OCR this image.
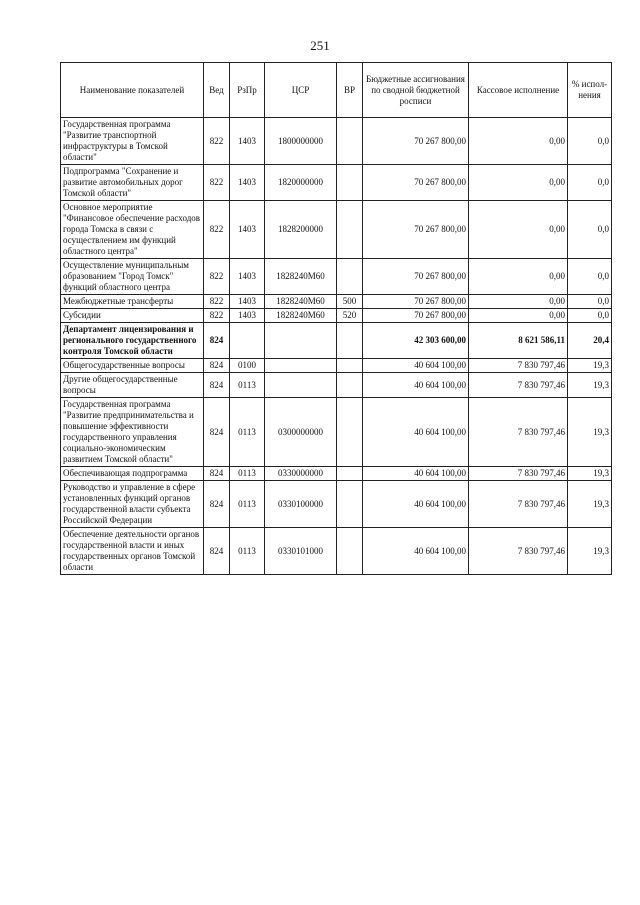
251
Наименование показателей	Вед	РзПр	ЦСР	ВР	Бюджетные ассигнования по сводной бюджетной росписи	Кассовое исполнение	% испол-нения
Государственная программа "Развитие транспортной инфраструктуры в Томской области"	822	1403	1800000000		70 267 800,00	0,00	0,0
Подпрограмма "Сохранение и развитие автомобильных дорог Томской области"	822	1403	1820000000		70 267 800,00	0,00	0,0
Основное мероприятие "Финансовое обеспечение расходов города Томска в связи с осуществлением им функций областного центра"	822	1403	1828200000		70 267 800,00	0,00	0,0
Осуществление муниципальным образованием "Город Томск" функций областного центра	822	1403	1828240М60		70 267 800,00	0,00	0,0
Межбюджетные трансферты	822	1403	1828240М60	500	70 267 800,00	0,00	0,0
Субсидии	822	1403	1828240М60	520	70 267 800,00	0,00	0,0
Департамент лицензирования и регионального государственного контроля Томской области	824				42 303 600,00	8 621 586,11	20,4
Общегосударственные вопросы	824	0100			40 604 100,00	7 830 797,46	19,3
Другие общегосударственные вопросы	824	0113			40 604 100,00	7 830 797,46	19,3
Государственная программа "Развитие предпринимательства и повышение эффективности государственного управления социально-экономическим развитием Томской области"	824	0113	0300000000		40 604 100,00	7 830 797,46	19,3
Обеспечивающая подпрограмма	824	0113	0330000000		40 604 100,00	7 830 797,46	19,3
Руководство и управление в сфере установленных функций органов государственной власти субъекта Российской Федерации	824	0113	0330100000		40 604 100,00	7 830 797,46	19,3
Обеспечение деятельности органов государственной власти и иных государственных органов Томской области	824	0113	0330101000		40 604 100,00	7 830 797,46	19,3
